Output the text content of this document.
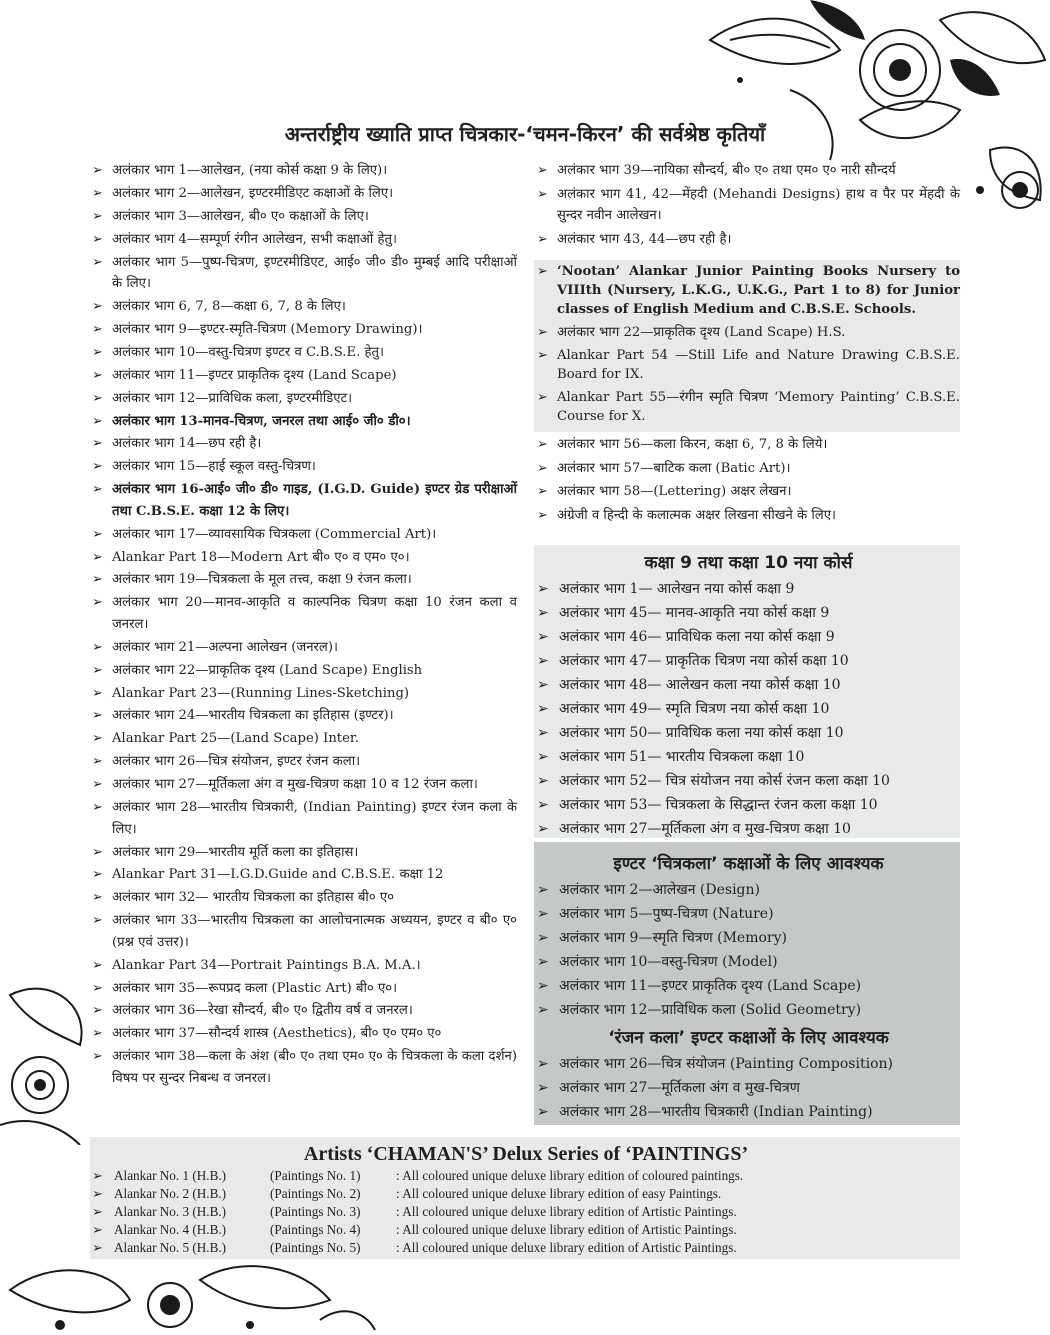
अन्तर्राष्ट्रीय ख्याति प्राप्त चित्रकार-‘चमन-किरन’ की सर्वश्रेष्ठ कृतियाँ
➢ अलंकार भाग 1—आलेखन, (नया कोर्स कक्षा 9 के लिए)।
➢ अलंकार भाग 2—आलेखन, इण्टरमीडिएट कक्षाओं के लिए।
➢ अलंकार भाग 3—आलेखन, बी० ए० कक्षाओं के लिए।
➢ अलंकार भाग 4—सम्पूर्ण रंगीन आलेखन, सभी कक्षाओं हेतु।
➢ अलंकार भाग 5—पुष्प-चित्रण, इण्टरमीडिएट, आई० जी० डी० मुम्बई आदि परीक्षाओं के लिए।
➢ अलंकार भाग 6, 7, 8—कक्षा 6, 7, 8 के लिए।
➢ अलंकार भाग 9—इण्टर-स्मृति-चित्रण (Memory Drawing)।
➢ अलंकार भाग 10—वस्तु-चित्रण इण्टर व C.B.S.E. हेतु।
➢ अलंकार भाग 11—इण्टर प्राकृतिक दृश्य (Land Scape)
➢ अलंकार भाग 12—प्राविधिक कला, इण्टरमीडिएट।
➢ अलंकार भाग 13-मानव-चित्रण, जनरल तथा आई० जी० डी०।
➢ अलंकार भाग 14—छप रही है।
➢ अलंकार भाग 15—हाई स्कूल वस्तु-चित्रण।
➢ अलंकार भाग 16-आई० जी० डी० गाइड, (I.G.D. Guide) इण्टर ग्रेड परीक्षाओं तथा C.B.S.E. कक्षा 12 के लिए।
➢ अलंकार भाग 17—व्यावसायिक चित्रकला (Commercial Art)।
➢ Alankar Part 18—Modern Art बी० ए० व एम० ए०।
➢ अलंकार भाग 19—चित्रकला के मूल तत्त्व, कक्षा 9 रंजन कला।
➢ अलंकार भाग 20—मानव-आकृति व काल्पनिक चित्रण कक्षा 10 रंजन कला व जनरल।
➢ अलंकार भाग 21—अल्पना आलेखन (जनरल)।
➢ अलंकार भाग 22—प्राकृतिक दृश्य (Land Scape) English
➢ Alankar Part 23—(Running Lines-Sketching)
➢ अलंकार भाग 24—भारतीय चित्रकला का इतिहास (इण्टर)।
➢ Alankar Part 25—(Land Scape) Inter.
➢ अलंकार भाग 26—चित्र संयोजन, इण्टर रंजन कला।
➢ अलंकार भाग 27—मूर्तिकला अंग व मुख-चित्रण कक्षा 10 व 12 रंजन कला।
➢ अलंकार भाग 28—भारतीय चित्रकारी, (Indian Painting) इण्टर रंजन कला के लिए।
➢ अलंकार भाग 29—भारतीय मूर्ति कला का इतिहास।
➢ Alankar Part 31—I.G.D.Guide and C.B.S.E. कक्षा 12
➢ अलंकार भाग 32— भारतीय चित्रकला का इतिहास बी० ए०
➢ अलंकार भाग 33—भारतीय चित्रकला का आलोचनात्मक अध्ययन, इण्टर व बी० ए० (प्रश्न एवं उत्तर)।
➢ Alankar Part 34—Portrait Paintings B.A. M.A.।
➢ अलंकार भाग 35—रूपप्रद कला (Plastic Art) बी० ए०।
➢ अलंकार भाग 36—रेखा सौन्दर्य, बी० ए० द्वितीय वर्ष व जनरल।
➢ अलंकार भाग 37—सौन्दर्य शास्त्र (Aesthetics), बी० ए० एम० ए०
➢ अलंकार भाग 38—कला के अंश (बी० ए० तथा एम० ए० के चित्रकला के कला दर्शन) विषय पर सुन्दर निबन्ध व जनरल।
➢ अलंकार भाग 39—नायिका सौन्दर्य, बी० ए० तथा एम० ए० नारी सौन्दर्य
➢ अलंकार भाग 41, 42—मेंहदी (Mehandi Designs) हाथ व पैर पर मेंहदी के सुन्दर नवीन आलेखन।
➢ अलंकार भाग 43, 44—छप रही है।
➢ ‘Nootan’ Alankar Junior Painting Books Nursery to VIIIth (Nursery, L.K.G., U.K.G., Part 1 to 8) for Junior classes of English Medium and C.B.S.E. Schools.
➢ अलंकार भाग 22—प्राकृतिक दृश्य (Land Scape) H.S.
➢ Alankar Part 54 —Still Life and Nature Drawing C.B.S.E. Board for IX.
➢ Alankar Part 55—रंगीन स्मृति चित्रण ‘Memory Painting’ C.B.S.E. Course for X.
➢ अलंकार भाग 56—कला किरन, कक्षा 6, 7, 8 के लिये।
➢ अलंकार भाग 57—बाटिक कला (Batic Art)।
➢ अलंकार भाग 58—(Lettering) अक्षर लेखन।
➢ अंग्रेजी व हिन्दी के कलात्मक अक्षर लिखना सीखने के लिए।
कक्षा 9 तथा कक्षा 10 नया कोर्स
➢ अलंकार भाग 1— आलेखन नया कोर्स कक्षा 9
➢ अलंकार भाग 45— मानव-आकृति नया कोर्स कक्षा 9
➢ अलंकार भाग 46— प्राविधिक कला नया कोर्स कक्षा 9
➢ अलंकार भाग 47— प्राकृतिक चित्रण नया कोर्स कक्षा 10
➢ अलंकार भाग 48— आलेखन कला नया कोर्स कक्षा 10
➢ अलंकार भाग 49— स्मृति चित्रण नया कोर्स कक्षा 10
➢ अलंकार भाग 50— प्राविधिक कला नया कोर्स कक्षा 10
➢ अलंकार भाग 51— भारतीय चित्रकला कक्षा 10
➢ अलंकार भाग 52— चित्र संयोजन नया कोर्स रंजन कला कक्षा 10
➢ अलंकार भाग 53— चित्रकला के सिद्धान्त रंजन कला कक्षा 10
➢ अलंकार भाग 27—मूर्तिकला अंग व मुख-चित्रण कक्षा 10
इण्टर ‘चित्रकला’ कक्षाओं के लिए आवश्यक
➢ अलंकार भाग 2—आलेखन (Design)
➢ अलंकार भाग 5—पुष्प-चित्रण (Nature)
➢ अलंकार भाग 9—स्मृति चित्रण (Memory)
➢ अलंकार भाग 10—वस्तु-चित्रण (Model)
➢ अलंकार भाग 11—इण्टर प्राकृतिक दृश्य (Land Scape)
➢ अलंकार भाग 12—प्राविधिक कला (Solid Geometry)
‘रंजन कला’ इण्टर कक्षाओं के लिए आवश्यक
➢ अलंकार भाग 26—चित्र संयोजन (Painting Composition)
➢ अलंकार भाग 27—मूर्तिकला अंग व मुख-चित्रण
➢ अलंकार भाग 28—भारतीय चित्रकारी (Indian Painting)
Artists ‘CHAMAN'S’ Delux Series of ‘PAINTINGS’
➢ Alankar No. 1 (H.B.)	(Paintings No. 1)	: All coloured unique deluxe library edition of coloured paintings.
➢ Alankar No. 2 (H.B.)	(Paintings No. 2)	: All coloured unique deluxe library edition of easy Paintings.
➢ Alankar No. 3 (H.B.)	(Paintings No. 3)	: All coloured unique deluxe library edition of Artistic Paintings.
➢ Alankar No. 4 (H.B.)	(Paintings No. 4)	: All coloured unique deluxe library edition of Artistic Paintings.
➢ Alankar No. 5 (H.B.)	(Paintings No. 5)	: All coloured unique deluxe library edition of Artistic Paintings.
